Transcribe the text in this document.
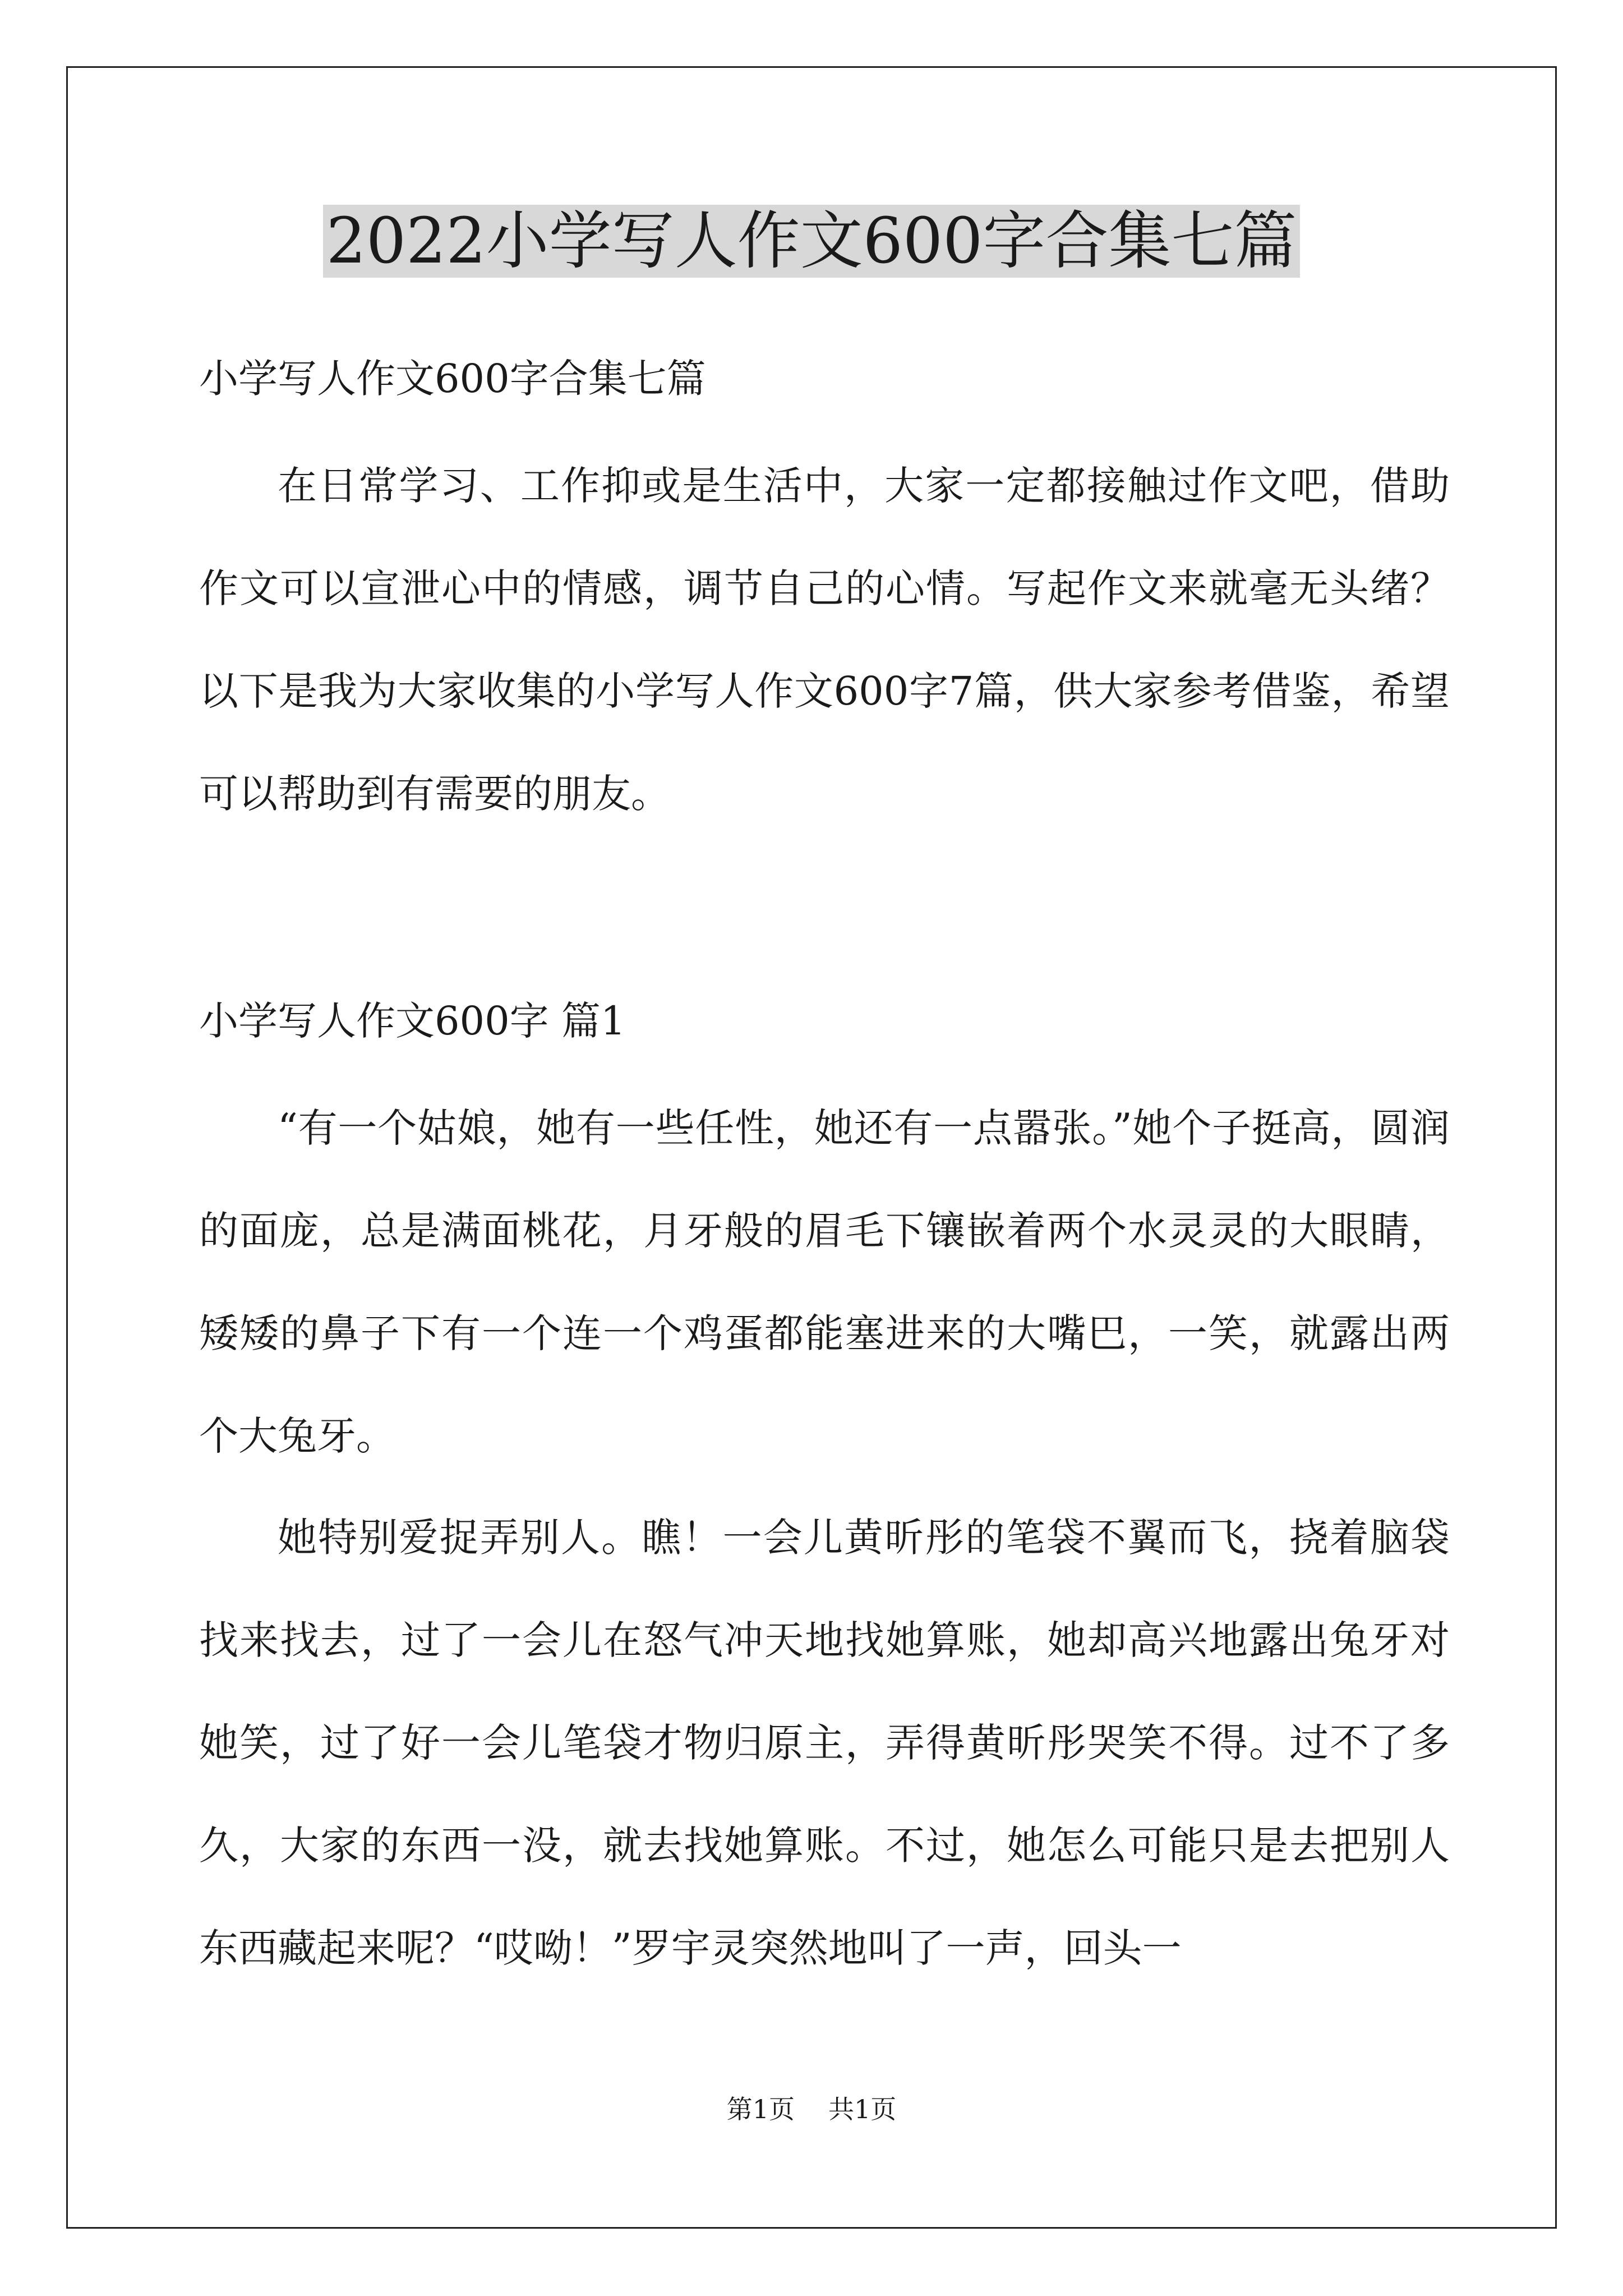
2022小学写人作文600字合集七篇
小学写人作文600字合集七篇

在日常学习、工作抑或是生活中，大家一定都接触过作文吧，借助作文可以宣泄心中的情感，调节自己的心情。写起作文来就毫无头绪？以下是我为大家收集的小学写人作文600字7篇，供大家参考借鉴，希望可以帮助到有需要的朋友。

小学写人作文600字 篇1

“有一个姑娘，她有一些任性，她还有一点嚣张。”她个子挺高，圆润的面庞，总是满面桃花，月牙般的眉毛下镶嵌着两个水灵灵的大眼睛，矮矮的鼻子下有一个连一个鸡蛋都能塞进来的大嘴巴，一笑，就露出两个大兔牙。

她特别爱捉弄别人。瞧！一会儿黄昕彤的笔袋不翼而飞，挠着脑袋找来找去，过了一会儿在怒气冲天地找她算账，她却高兴地露出兔牙对她笑，过了好一会儿笔袋才物归原主，弄得黄昕彤哭笑不得。过不了多久，大家的东西一没，就去找她算账。不过，她怎么可能只是去把别人东西藏起来呢？“哎呦！”罗宇灵突然地叫了一声，回头一

第1页 共1页
